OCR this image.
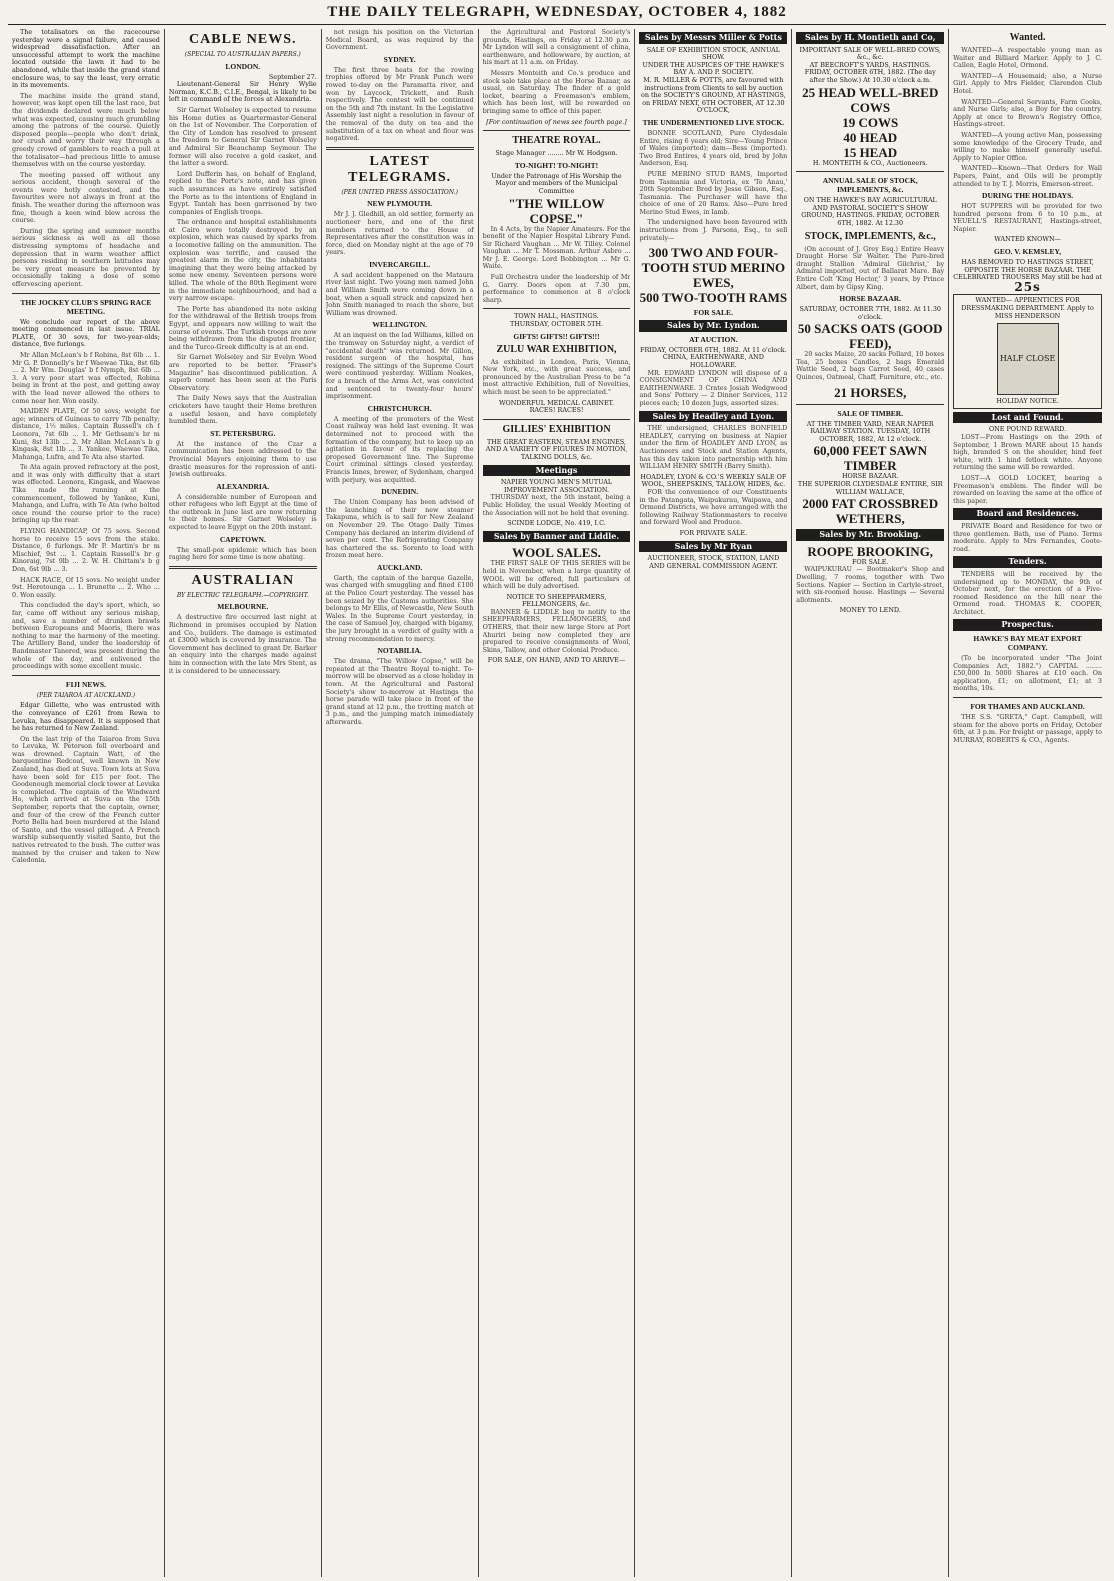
THE DAILY TELEGRAPH, WEDNESDAY, OCTOBER 4, 1882

The totalisators on the racecourse yesterday were a signal failure, and caused widespread dissatisfaction. After an unsuccessful attempt to work the machine located outside the lawn it had to be abandoned, while that inside the grand stand enclosure was, to say the least, very erratic in its movements.

The machine inside the grand stand, however, was kept open till the last race, but the dividends declared were much below what was expected, causing much grumbling among the patrons of the course. Quietly disposed people—people who don't drink, nor crush and worry their way through a greedy crowd of gamblers to reach a pull at the totalisator—had precious little to amuse themselves with on the course yesterday.

The meeting passed off without any serious accident, though several of the events were hotly contested, and the favourites were not always in front at the finish. The weather during the afternoon was fine, though a keen wind blew across the course.

During the spring and summer months serious sickness as well as all those distressing symptoms of headache and depression that in warm weather afflict persons residing in southern latitudes may be very great measure be prevented by occasionally taking a dose of some effervescing aperient.

THE JOCKEY CLUB'S SPRING RACE MEETING.

We conclude our report of the above meeting commenced in last issue. TRIAL PLATE, Of 30 sovs, for two-year-olds; distance, five furlongs.

Mr Allan McLean's b f Robina, 8st 6lb ... 1. Mr G. P. Donnelly's br f Waewae Tika, 8st 6lb ... 2. Mr Wm. Douglas' b f Nymph, 8st 6lb ... 3. A very poor start was effected, Robina being in front at the post, and getting away with the lead never allowed the others to come near her. Won easily.

MAIDEN PLATE, Of 50 sovs; weight for age; winners of Guineas to carry 7lb penalty; distance, 1½ miles. Captain Russell's ch f Leonora, 7st 6lb ... 1. Mr Gethsam's br m Kuni, 8st 13lb ... 2. Mr Allan McLean's b g Kingask, 8st 1lb ... 3. Yankee, Waewae Tika, Mahanga, Lufra, and Te Ata also started.

Te Ata again proved refractory at the post, and it was only with difficulty that a start was effected. Leonora, Kingask, and Waewae Tika made the running at the commencement, followed by Yankee, Kuni, Mahanga, and Lufra, with Te Ata (who bolted once round the course prior to the race) bringing up the rear.

FLYING HANDICAP, Of 75 sovs. Second horse to receive 15 sovs from the stake. Distance, 6 furlongs. Mr P. Martin's br m Mischief, 9st ... 1. Captain Russell's br g Kinoraig, 7st 9lb ... 2. W. H. Chittam's b g Don, 6st 9lb ... 3.

HACK RACE, Of 15 sovs. No weight under 9st. Heretounga ... 1. Brunette ... 2. Who ... 0. Won easily.

This concluded the day's sport, which, so far, came off without any serious mishap, and, save a number of drunken brawls between Europeans and Maoris, there was nothing to mar the harmony of the meeting. The Artillery Band, under the leadership of Bandmaster Tanered, was present during the whole of the day, and enlivened the proceedings with some excellent music.

FIJI NEWS.
(PER TAIAROA AT AUCKLAND.)

Edgar Gillette, who was entrusted with the conveyance of £261 from Rewa to Levuka, has disappeared. It is supposed that he has returned to New Zealand.

On the last trip of the Taiaroa from Suva to Levuka, W. Peterson fell overboard and was drowned. Captain Watt, of the barquentine Redcoat, well known in New Zealand, has died at Suva. Town lots at Suva have been sold for £15 per foot. The Goodenough memorial clock tower at Levuka is completed. The captain of the Windward Ho, which arrived at Suva on the 15th September, reports that the captain, owner, and four of the crew of the French cutter Porto Bella had been murdered at the Island of Santo, and the vessel pillaged. A French warship subsequently visited Santo, but the natives retreated to the bush. The cutter was manned by the cruiser and taken to New Caledonia.

CABLE NEWS.
(SPECIAL TO AUSTRALIAN PAPERS.)
LONDON.
September 27.

Lieutenant-General Sir Henry Wylie Norman, K.C.B., C.I.E., Bengal, is likely to be left in command of the forces at Alexandria.

Sir Garnet Wolseley is expected to resume his Home duties as Quartermaster-General on the 1st of November. The Corporation of the City of London has resolved to present the freedom to General Sir Garnet Wolseley and Admiral Sir Beauchamp Seymour. The former will also receive a gold casket, and the latter a sword.

Lord Dufferin has, on behalf of England, replied to the Porte's note, and has given such assurances as have entirely satisfied the Porte as to the intentions of England in Egypt. Tantah has been garrisoned by two companies of English troops.

The ordnance and hospital establishments at Cairo were totally destroyed by an explosion, which was caused by sparks from a locomotive falling on the ammunition. The explosion was terrific, and caused the greatest alarm in the city, the inhabitants imagining that they were being attacked by some new enemy. Seventeen persons were killed. The whole of the 80th Regiment were in the immediate neighbourhood, and had a very narrow escape.

The Porte has abandoned its note asking for the withdrawal of the British troops from Egypt, and appears now willing to wait the course of events. The Turkish troops are now being withdrawn from the disputed frontier, and the Turco-Greek difficulty is at an end.

Sir Garnet Wolseley and Sir Evelyn Wood are reported to be better. "Fraser's Magazine" has discontinued publication. A superb comet has been seen at the Paris Observatory.

The Daily News says that the Australian cricketers have taught their Home brethren a useful lesson, and have completely humbled them.

ST. PETERSBURG.

At the instance of the Czar a communication has been addressed to the Provincial Mayors enjoining them to use drastic measures for the repression of anti-Jewish outbreaks.

ALEXANDRIA.

A considerable number of European and other refugees who left Egypt at the time of the outbreak in June last are now returning to their homes. Sir Garnet Wolseley is expected to leave Egypt on the 20th instant.

CAPETOWN.

The small-pox epidemic which has been raging here for some time is now abating.

AUSTRALIAN
BY ELECTRIC TELEGRAPH.—COPYRIGHT.
MELBOURNE.

A destructive fire occurred last night at Richmond in premises occupied by Nation and Co., builders. The damage is estimated at £3000 which is covered by insurance. The Government has declined to grant Dr. Barker an enquiry into the charges made against him in connection with the late Mrs Stent, as it is considered to be unnecessary.

not resign his position on the Victorian Medical Board, as was required by the Government.

SYDNEY.

The first three heats for the rowing trophies offered by Mr Frank Punch were rowed to-day on the Paramatta river, and won by Laycock, Trickett, and Rush respectively. The contest will be continued on the 5th and 7th instant. In the Legislative Assembly last night a resolution in favour of the removal of the duty on tea and the substitution of a tax on wheat and flour was negatived.

LATEST TELEGRAMS.
(PER UNITED PRESS ASSOCIATION.)
NEW PLYMOUTH.

Mr J. J. Gledhill, an old settler, formerly an auctioneer here, and one of the first members returned to the House of Representatives after the constitution was in force, died on Monday night at the age of 79 years.

INVERCARGILL.

A sad accident happened on the Mataura river last night. Two young men named John and William Smith were coming down in a boat, when a squall struck and capsized her. John Smith managed to reach the shore, but William was drowned.

WELLINGTON.

At an inquest on the lad Williams, killed on the tramway on Saturday night, a verdict of "accidental death" was returned. Mr Gillon, resident surgeon of the hospital, has resigned. The sittings of the Supreme Court were continued yesterday. William Noakes, for a breach of the Arms Act, was convicted and sentenced to twenty-four hours' imprisonment.

CHRISTCHURCH.

A meeting of the promoters of the West Coast railway was held last evening. It was determined not to proceed with the formation of the company, but to keep up an agitation in favour of its replacing the proposed Government line. The Supreme Court criminal sittings closed yesterday. Francis Innes, brewer, of Sydenham, charged with perjury, was acquitted.

DUNEDIN.

The Union Company has been advised of the launching of their new steamer Takapuna, which is to sail for New Zealand on November 29. The Otago Daily Times Company has declared an interim dividend of seven per cent. The Refrigerating Company has chartered the ss. Sorento to load with frozen meat here.

AUCKLAND.

Garth, the captain of the barque Gazelle, was charged with smuggling and fined £100 at the Police Court yesterday. The vessel has been seized by the Customs authorities. She belongs to Mr Ellis, of Newcastle, New South Wales. In the Supreme Court yesterday, in the case of Samuel Joy, charged with bigamy, the jury brought in a verdict of guilty with a strong recommendation to mercy.

NOTABILIA.

The drama, "The Willow Copse," will be repeated at the Theatre Royal to-night. To-morrow will be observed as a close holiday in town. At the Agricultural and Pastoral Society's show to-morrow at Hastings the horse parade will take place in front of the grand stand at 12 p.m., the trotting match at 3 p.m., and the jumping match immediately afterwards.

the Agricultural and Pastoral Society's grounds, Hastings, on Friday at 12.30 p.m. Mr Lyndon will sell a consignment of china, earthenware, and hollowware, by auction, at his mart at 11 a.m. on Friday.

Messrs Monteith and Co.'s produce and stock sale take place at the Horse Bazaar, as usual, on Saturday. The finder of a gold locket, bearing a Freemason's emblem, which has been lost, will be rewarded on bringing same to office of this paper.

[For continuation of news see fourth page.]
THEATRE ROYAL.
Stage Manager ........ Mr W. Hodgson.
TO-NIGHT! TO-NIGHT!
Under the Patronage of His Worship the Mayor and members of the Municipal Committee
"THE WILLOW COPSE."

In 4 Acts, by the Napier Amateurs. For the benefit of the Napier Hospital Library Fund. Sir Richard Vaughan ... Mr W. Tilley. Colonel Vaughan ... Mr T. Mossman. Arthur Asbro ... Mr J. E. George. Lord Bobbington ... Mr G. Waite.

Full Orchestra under the leadership of Mr G. Garry. Doors open at 7.30 pm, performance to commence at 8 o'clock sharp.

TOWN HALL, HASTINGS.
THURSDAY, OCTOBER 5TH.
GIFTS! GIFTS!! GIFTS!!!
ZULU WAR EXHIBITION,

As exhibited in London, Paris, Vienna, New York, etc., with great success, and pronounced by the Australian Press to be "a most attractive Exhibition, full of Novelties, which must be seen to be appreciated."

WONDERFUL MEDICAL CABINET.
RACES! RACES!
GILLIES' EXHIBITION
THE GREAT EASTERN, STEAM ENGINES, AND A VARIETY OF FIGURES IN MOTION, TALKING DOLLS, &c.
Meetings
NAPIER YOUNG MEN'S MUTUAL IMPROVEMENT ASSOCIATION.

THURSDAY next, the 5th instant, being a Public Holiday, the usual Weekly Meeting of the Association will not be held that evening.

SCINDE LODGE, No. 419, I.C.
Sales by Banner and Liddle.
WOOL SALES.

THE FIRST SALE OF THIS SERIES will be held in November, when a large quantity of WOOL will be offered, full particulars of which will be duly advertised.

NOTICE TO SHEEPFARMERS, FELLMONGERS, &c.

BANNER & LIDDLE beg to notify to the SHEEPFARMERS, FELLMONGERS, and OTHERS, that their new large Store at Port Ahuriri being now completed they are prepared to receive consignments of Wool, Skins, Tallow, and other Colonial Produce.

FOR SALE, ON HAND, AND TO ARRIVE—
Sales by Messrs Miller & Potts
SALE OF EXHIBITION STOCK, ANNUAL SHOW.
UNDER THE AUSPICES OF THE HAWKE'S BAY A. AND P. SOCIETY.
M. R. MILLER & POTTS, are favoured with instructions from Clients to sell by auction on the SOCIETY'S GROUND, AT HASTINGS, on FRIDAY NEXT, 6TH OCTOBER, AT 12.30 O'CLOCK,
THE UNDERMENTIONED LIVE STOCK.

BONNIE SCOTLAND, Pure Clydesdale Entire, rising 6 years old; Sire—Young Prince of Wales (imported); dam—Bess (imported). Two Bred Entires, 4 years old, bred by John Anderson, Esq.

PURE MERINO STUD RAMS, Imported from Tasmania and Victoria, ex 'Te Anau,' 20th September. Bred by Jesse Gibson, Esq., Tasmania. The Purchaser will have the choice of one of 20 Rams. Also—Pure bred Merino Stud Ewes, in lamb.

The undersigned have been favoured with instructions from J. Parsons, Esq., to sell privately—

300 TWO AND FOUR-TOOTH STUD MERINO EWES,
500 TWO-TOOTH RAMS
FOR SALE.
Sales by Mr. Lyndon.
AT AUCTION.
FRIDAY, OCTOBER 6TH, 1882. At 11 o'clock. CHINA, EARTHENWARE, AND HOLLOWARE.

MR. EDWARD LYNDON will dispose of a CONSIGNMENT OF CHINA AND EARTHENWARE. 3 Crates Josiah Wedgwood and Sons' Pottery — 2 Dinner Services, 112 pieces each; 10 dozen Jugs, assorted sizes.

Sales by Headley and Lyon.

THE undersigned, CHARLES BONFIELD HEADLEY, carrying on business at Napier under the firm of HOADLEY AND LYON, as Auctioneers and Stock and Station Agents, has this day taken into partnership with him WILLIAM HENRY SMITH (Barry Smith).

HOADLEY, LYON & CO.'S WEEKLY SALE OF WOOL, SHEEPSKINS, TALLOW, HIDES, &c.

FOR the convenience of our Constituents in the Patangata, Waipukurau, Waipawa, and Ormond Districts, we have arranged with the following Railway Stationmasters to receive and forward Wool and Produce.

FOR PRIVATE SALE.
Sales by Mr Ryan
AUCTIONEER, STOCK, STATION, LAND AND GENERAL COMMISSION AGENT.
Sales by H. Montieth and Co,
IMPORTANT SALE OF WELL-BRED COWS, &c., &c.
AT BEECROFT'S YARDS, HASTINGS. FRIDAY, OCTOBER 6TH, 1882. (The day after the Show.) At 10.30 o'clock a.m.
25 HEAD WELL-BRED COWS
19 COWS
40 HEAD
15 HEAD
H. MONTEITH & CO., Auctioneers.
ANNUAL SALE OF STOCK, IMPLEMENTS, &c.
ON THE HAWKE'S BAY AGRICULTURAL AND PASTORAL SOCIETY'S SHOW GROUND, HASTINGS. FRIDAY, OCTOBER 6TH, 1882. At 12.30
STOCK, IMPLEMENTS, &c.,

(On account of J. Grey Esq.) Entire Heavy Draught Horse Sir Walter. The Pure-bred draught Stallion 'Admiral Gilchrist,' by Admiral imported, out of Ballarat Mare. Bay Entire Colt 'King Hector,' 3 years, by Prince Albert, dam by Gipsy King.

HORSE BAZAAR.
SATURDAY, OCTOBER 7TH, 1882. At 11.30 o'clock.
50 SACKS OATS (GOOD FEED),

20 sacks Maize, 20 sacks Pollard, 10 boxes Tea, 25 boxes Candles, 2 bags Emerald Wattle Seed, 2 bags Carrot Seed, 40 cases Quinces, Oatmeal, Chaff, Furniture, etc., etc.

21 HORSES,
SALE OF TIMBER.
AT THE TIMBER YARD, NEAR NAPIER RAILWAY STATION. TUESDAY, 10TH OCTOBER, 1882, At 12 o'clock.
60,000 FEET SAWN TIMBER
HORSE BAZAAR.
THE SUPERIOR CLYDESDALE ENTIRE, SIR WILLIAM WALLACE,
2000 FAT CROSSBRED WETHERS,
Sales by Mr. Brooking.
ROOPE BROOKING,
FOR SALE.

WAIPUKURAU — Bootmaker's Shop and Dwelling, 7 rooms, together with Two Sections. Napier — Section in Carlyle-street, with six-roomed house. Hastings — Several allotments.

MONEY TO LEND.
Wanted.

WANTED—A respectable young man as Waiter and Billiard Marker. Apply to J. C. Callen, Eagle Hotel, Ormond.

WANTED—A Housemaid; also, a Nurse Girl. Apply to Mrs Fielder, Clarendon Club Hotel.

WANTED—General Servants, Farm Cooks, and Nurse Girls; also, a Boy for the country. Apply at once to Brown's Registry Office, Hastings-street.

WANTED—A young active Man, possessing some knowledge of the Grocery Trade, and willing to make himself generally useful. Apply to Napier Office.

WANTED—Known—That Orders for Wall Papers, Paint, and Oils will be promptly attended to by T. J. Morris, Emerson-street.

DURING THE HOLIDAYS.

HOT SUPPERS will be provided for two hundred persons from 6 to 10 p.m., at YEUELL'S RESTAURANT, Hastings-street, Napier.

WANTED KNOWN—
GEO. V. KEMSLEY,
HAS REMOVED TO HASTINGS STREET, OPPOSITE THE HORSE BAZAAR. THE CELEBRATED TROUSERS May still be had at
25s
WANTED— APPRENTICES FOR DRESSMAKING DEPARTMENT. Apply to MISS HENDERSON
HALF CLOSE
HOLIDAY NOTICE.
Lost and Found.
ONE POUND REWARD.

LOST—From Hastings on the 29th of September, 1 Brown MARE about 15 hands high, branded S on the shoulder, hind feet white, with 1 hind fetlock white. Anyone returning the same will be rewarded.

LOST—A GOLD LOCKET, bearing a Freemason's emblem. The finder will be rewarded on leaving the same at the office of this paper.

Board and Residences.

PRIVATE Board and Residence for two or three gentlemen. Bath, use of Piano. Terms moderate. Apply to Mrs Fernandes, Coote-road.

Tenders.

TENDERS will be received by the undersigned up to MONDAY, the 9th of October next, for the erection of a Five-roomed Residence on the hill near the Ormond road. THOMAS K. COOPER, Architect.

Prospectus.
HAWKE'S BAY MEAT EXPORT COMPANY.

(To be incorporated under "The Joint Companies Act, 1882.") CAPITAL ........ £50,000 In 5000 Shares at £10 each. On application, £1; on allotment, £1; at 3 months, 10s.

FOR THAMES AND AUCKLAND.

THE S.S. "GRETA," Capt. Campbell, will steam for the above ports on Friday, October 6th, at 3 p.m. For freight or passage, apply to MURRAY, ROBERTS & CO., Agents.
